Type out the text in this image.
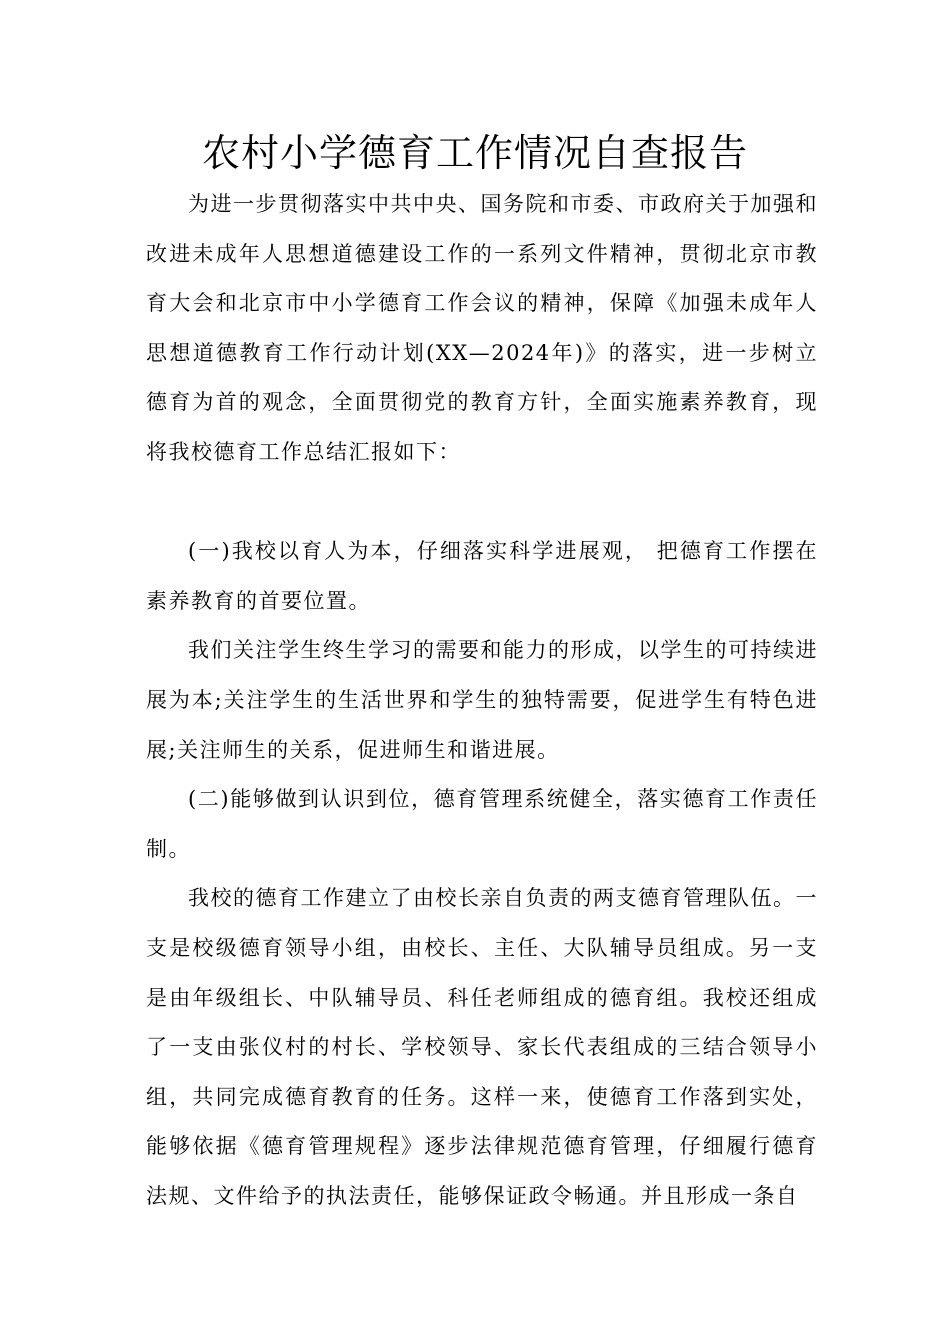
农村小学德育工作情况自查报告

为进一步贯彻落实中共中央、国务院和市委、市政府关于加强和改进未成年人思想道德建设工作的一系列文件精神，贯彻北京市教育大会和北京市中小学德育工作会议的精神，保障《加强未成年人思想道德教育工作行动计划(XX—2024年)》的落实，进一步树立德育为首的观念，全面贯彻党的教育方针，全面实施素养教育，现将我校德育工作总结汇报如下：

(一)我校以育人为本，仔细落实科学进展观， 把德育工作摆在素养教育的首要位置。

我们关注学生终生学习的需要和能力的形成，以学生的可持续进展为本;关注学生的生活世界和学生的独特需要，促进学生有特色进展;关注师生的关系，促进师生和谐进展。

(二)能够做到认识到位，德育管理系统健全，落实德育工作责任制。

我校的德育工作建立了由校长亲自负责的两支德育管理队伍。一支是校级德育领导小组，由校长、主任、大队辅导员组成。另一支是由年级组长、中队辅导员、科任老师组成的德育组。我校还组成了一支由张仪村的村长、学校领导、家长代表组成的三结合领导小组，共同完成德育教育的任务。这样一来，使德育工作落到实处，能够依据《德育管理规程》逐步法律规范德育管理，仔细履行德育法规、文件给予的执法责任，能够保证政令畅通。并且形成一条自
